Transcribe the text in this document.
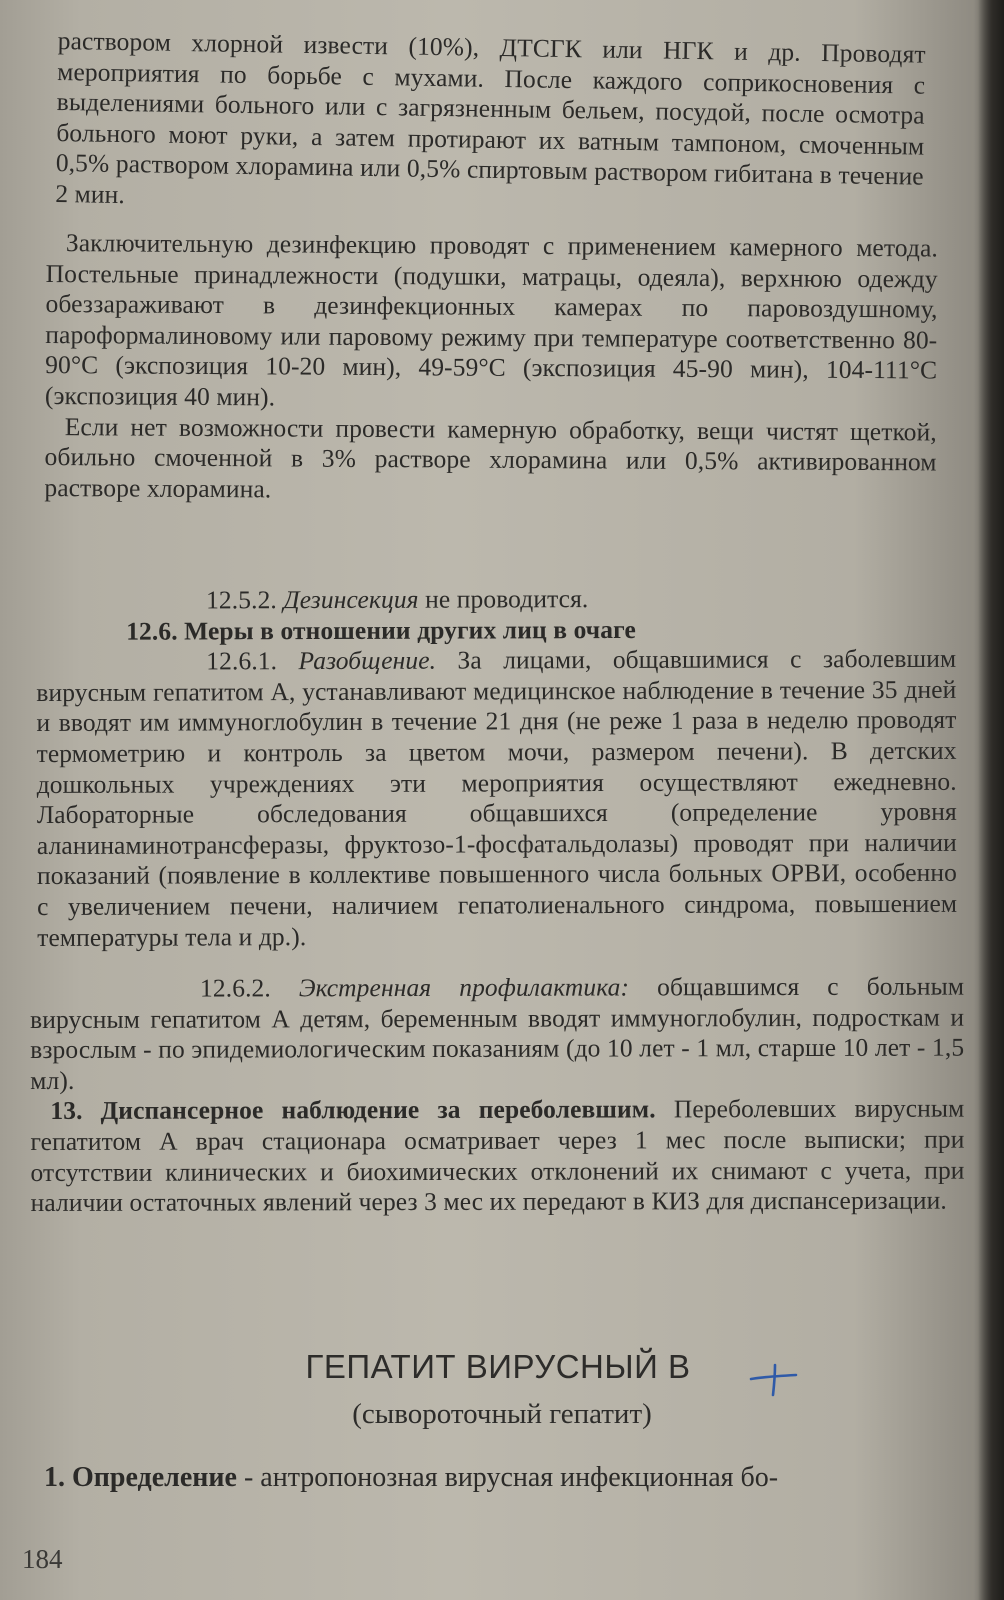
раствором хлорной извести (10%), ДТСГК или НГК и др. Проводят мероприятия по борьбе с мухами. После каждого соприкосновения с выделениями больного или с загрязненным бельем, посудой, после осмотра больного моют руки, а затем протирают их ватным тампоном, смоченным 0,5% раствором хлорамина или 0,5% спиртовым раствором гибитана в течение 2 мин.

Заключительную дезинфекцию проводят с применением камерного метода. Постельные принадлежности (подушки, матрацы, одеяла), верхнюю одежду обеззараживают в дезинфекционных камерах по паровоздушному, пароформалиновому или паровому режиму при температуре соответственно 80-90°С (экспозиция 10-20 мин), 49-59°С (экспозиция 45-90 мин), 104-111°С (экспозиция 40 мин).

Если нет возможности провести камерную обработку, вещи чистят щеткой, обильно смоченной в 3% растворе хлорамина или 0,5% активированном растворе хлорамина.

12.5.2. Дезинсекция не проводится.

12.6. Меры в отношении других лиц в очаге

12.6.1. Разобщение. За лицами, общавшимися с заболевшим вирусным гепатитом А, устанавливают медицинское наблюдение в течение 35 дней и вводят им иммуноглобулин в течение 21 дня (не реже 1 раза в неделю проводят термометрию и контроль за цветом мочи, размером печени). В детских дошкольных учреждениях эти мероприятия осуществляют ежедневно. Лабораторные обследования общавшихся (определение уровня аланинаминотрансферазы, фруктозо-1-фосфатальдолазы) проводят при наличии показаний (появление в коллективе повышенного числа больных ОРВИ, особенно с увеличением печени, наличием гепатолиенального синдрома, повышением температуры тела и др.).

12.6.2. Экстренная профилактика: общавшимся с больным вирусным гепатитом А детям, беременным вводят иммуноглобулин, подросткам и взрослым - по эпидемиологическим показаниям (до 10 лет - 1 мл, старше 10 лет - 1,5 мл).

13. Диспансерное наблюдение за переболевшим. Переболевших вирусным гепатитом А врач стационара осматривает через 1 мес после выписки; при отсутствии клинических и биохимических отклонений их снимают с учета, при наличии остаточных явлений через 3 мес их передают в КИЗ для диспансеризации.

ГЕПАТИТ ВИРУСНЫЙ В
(сывороточный гепатит)
1. Определение - антропонозная вирусная инфекционная бо-
184
